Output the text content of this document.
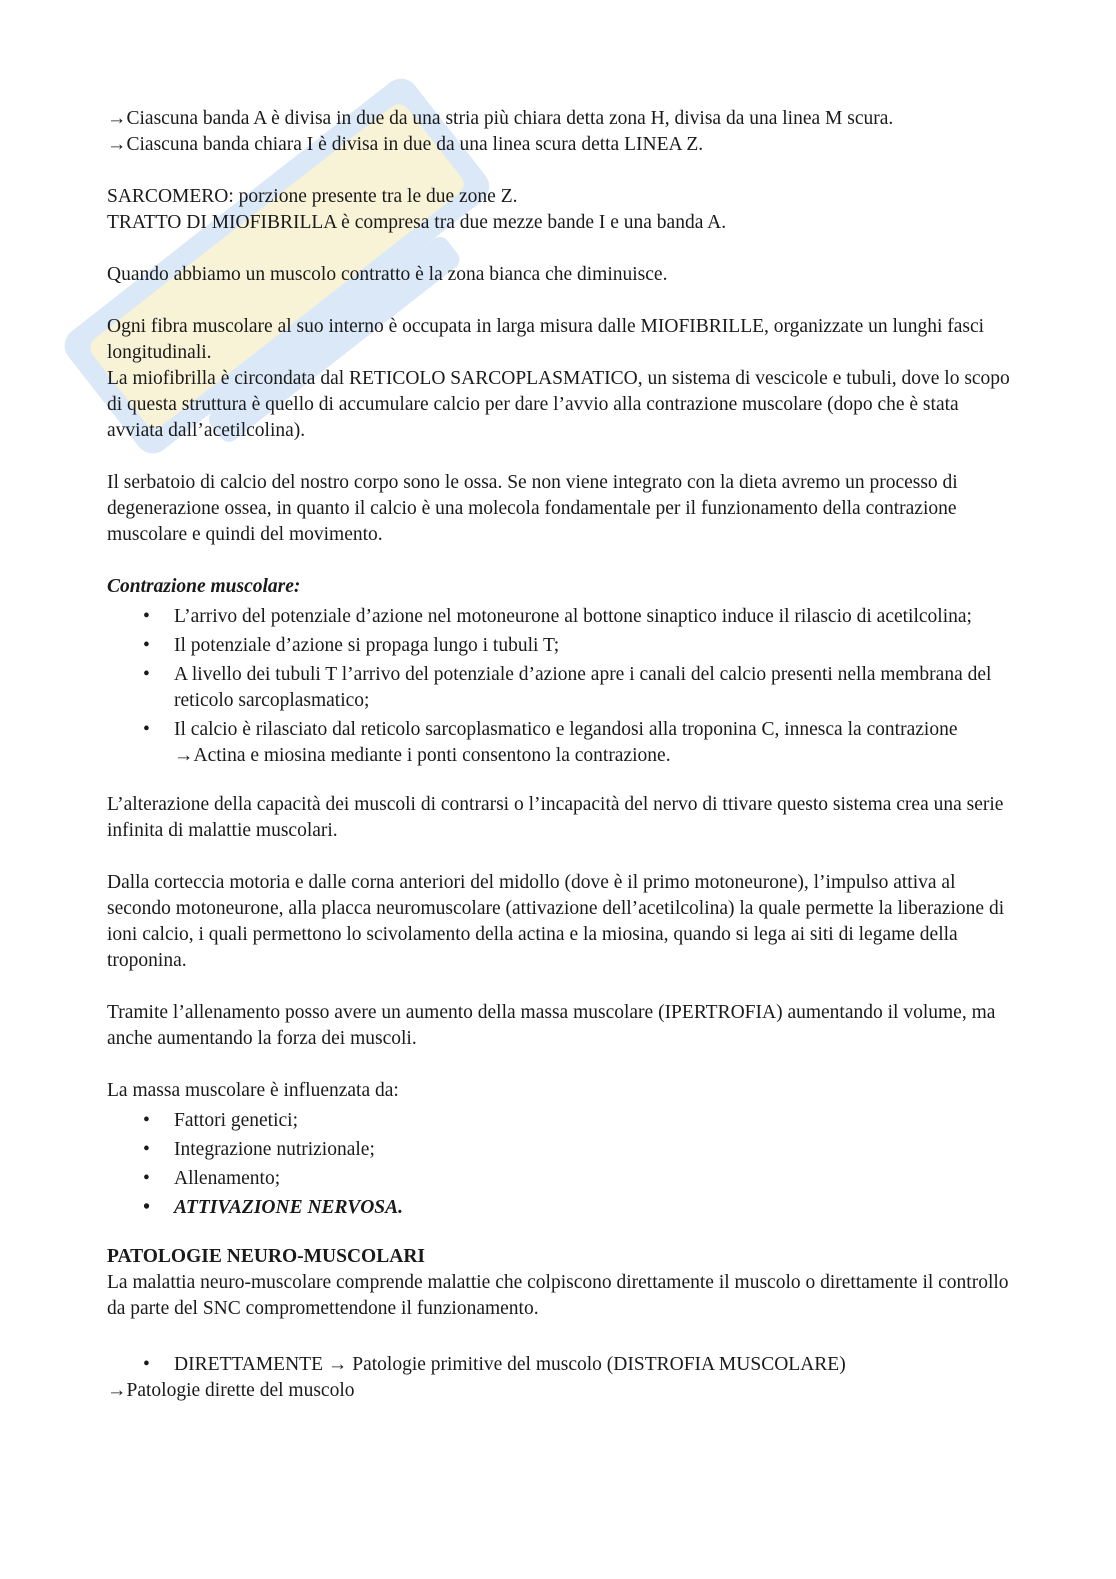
→Ciascuna banda A è divisa in due da una stria più chiara detta zona H, divisa da una linea M scura.

→Ciascuna banda chiara I è divisa in due da una linea scura detta LINEA Z.

SARCOMERO: porzione presente tra le due zone Z.

TRATTO DI MIOFIBRILLA è compresa tra due mezze bande I e una banda A.

Quando abbiamo un muscolo contratto è la zona bianca che diminuisce.

Ogni fibra muscolare al suo interno è occupata in larga misura dalle MIOFIBRILLE, organizzate un lunghi fasci longitudinali.

La miofibrilla è circondata dal RETICOLO SARCOPLASMATICO, un sistema di vescicole e tubuli, dove lo scopo di questa struttura è quello di accumulare calcio per dare l’avvio alla contrazione muscolare (dopo che è stata avviata dall’acetilcolina).

Il serbatoio di calcio del nostro corpo sono le ossa. Se non viene integrato con la dieta avremo un processo di degenerazione ossea, in quanto il calcio è una molecola fondamentale per il funzionamento della contrazione muscolare e quindi del movimento.

Contrazione muscolare:

• L’arrivo del potenziale d’azione nel motoneurone al bottone sinaptico induce il rilascio di acetilcolina;
• Il potenziale d’azione si propaga lungo i tubuli T;
• A livello dei tubuli T l’arrivo del potenziale d’azione apre i canali del calcio presenti nella membrana del reticolo sarcoplasmatico;
• Il calcio è rilasciato dal reticolo sarcoplasmatico e legandosi alla troponina C, innesca la contrazione →Actina e miosina mediante i ponti consentono la contrazione.

L’alterazione della capacità dei muscoli di contrarsi o l’incapacità del nervo di ttivare questo sistema crea una serie infinita di malattie muscolari.

Dalla corteccia motoria e dalle corna anteriori del midollo (dove è il primo motoneurone), l’impulso attiva al secondo motoneurone, alla placca neuromuscolare (attivazione dell’acetilcolina) la quale permette la liberazione di ioni calcio, i quali permettono lo scivolamento della actina e la miosina, quando si lega ai siti di legame della troponina.

Tramite l’allenamento posso avere un aumento della massa muscolare (IPERTROFIA) aumentando il volume, ma anche aumentando la forza dei muscoli.

La massa muscolare è influenzata da:

• Fattori genetici;
• Integrazione nutrizionale;
• Allenamento;
• ATTIVAZIONE NERVOSA.

PATOLOGIE NEURO-MUSCOLARI

La malattia neuro-muscolare comprende malattie che colpiscono direttamente il muscolo o direttamente il controllo da parte del SNC compromettendone il funzionamento.

• DIRETTAMENTE → Patologie primitive del muscolo (DISTROFIA MUSCOLARE)

→Patologie dirette del muscolo
